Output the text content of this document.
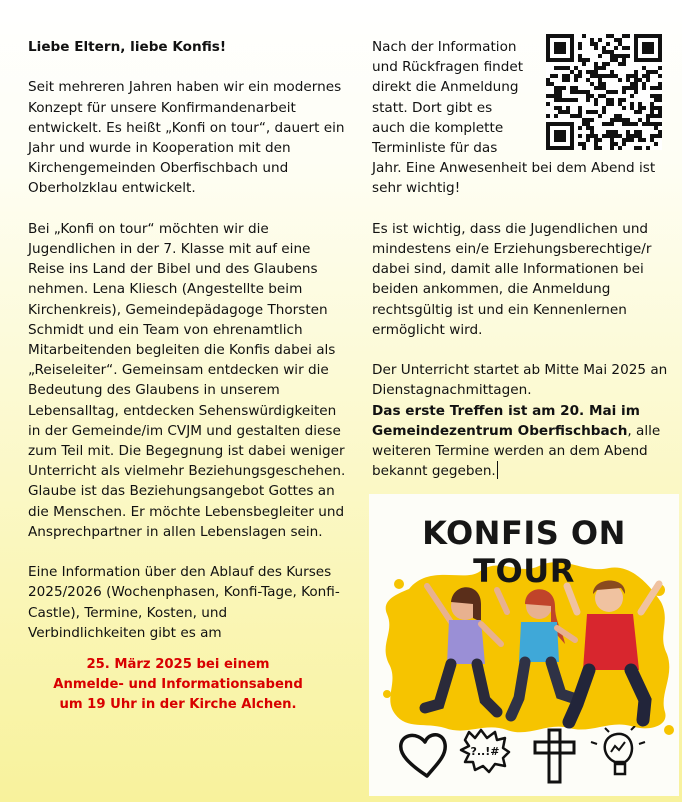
Liebe Eltern, liebe Konfis!

Seit mehreren Jahren haben wir ein modernes Konzept für unsere Konfirmandenarbeit entwickelt. Es heißt „Konfi on tour“, dauert ein Jahr und wurde in Kooperation mit den Kirchengemeinden Oberfischbach und Oberholzklau entwickelt.

Bei „Konfi on tour“ möchten wir die Jugendlichen in der 7. Klasse mit auf eine Reise ins Land der Bibel und des Glaubens nehmen. Lena Kliesch (Angestellte beim Kirchenkreis), Gemeindepädagoge Thorsten Schmidt und ein Team von ehrenamtlich Mitarbeitenden begleiten die Konfis dabei als „Reiseleiter“. Gemeinsam entdecken wir die Bedeutung des Glaubens in unserem Lebensalltag, entdecken Sehenswürdigkeiten in der Gemeinde/im CVJM und gestalten diese zum Teil mit. Die Begegnung ist dabei weniger Unterricht als vielmehr Beziehungsgeschehen. Glaube ist das Beziehungsangebot Gottes an die Menschen. Er möchte Lebensbegleiter und Ansprechpartner in allen Lebenslagen sein.

Eine Information über den Ablauf des Kurses 2025/2026 (Wochenphasen, Konfi-Tage, Konfi-Castle), Termine, Kosten, und Verbindlichkeiten gibt es am

25. März 2025 bei einem
Anmelde- und Informationsabend
um 19 Uhr in der Kirche Alchen.
Nach der Information
und Rückfragen findet
direkt die Anmeldung
statt. Dort gibt es
auch die komplette
Terminliste für das

Jahr. Eine Anwesenheit bei dem Abend ist sehr wichtig!

Es ist wichtig, dass die Jugendlichen und mindestens ein/e Erziehungsberechtige/r dabei sind, damit alle Informationen bei beiden ankommen, die Anmeldung rechtsgültig ist und ein Kennenlernen ermöglicht wird.

Der Unterricht startet ab Mitte Mai 2025 an Dienstagnachmittagen.

Das erste Treffen ist am 20. Mai im Gemeindezentrum Oberfischbach, alle weiteren Termine werden an dem Abend bekannt gegeben.
KONFIS ON TOUR
?..!#
